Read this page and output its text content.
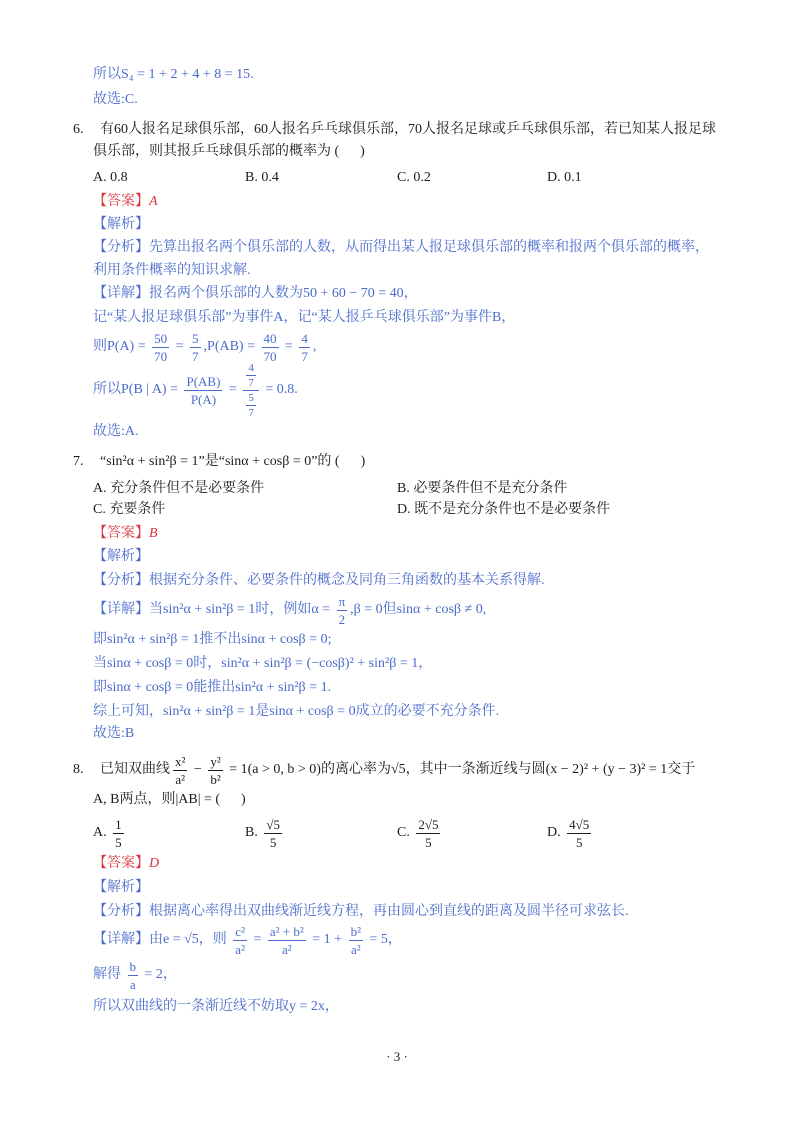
所以S₄ = 1 + 2 + 4 + 8 = 15.
故选:C.
6. 有60人报名足球俱乐部，60人报名乒乓球俱乐部，70人报名足球或乒乓球俱乐部，若已知某人报足球
俱乐部，则其报乒乓球俱乐部的概率为 (      )
A. 0.8	B. 0.4	C. 0.2	D. 0.1
【答案】A
【解析】
【分析】先算出报名两个俱乐部的人数，从而得出某人报足球俱乐部的概率和报两个俱乐部的概率，
利用条件概率的知识求解.
【详解】报名两个俱乐部的人数为50 + 60 − 70 = 40，
记“某人报足球俱乐部”为事件A，记“某人报乒乓球俱乐部”为事件B，
则$P(A) = \frac{50}{70} = \frac{5}{7} ,P(AB) = \frac{40}{70} = \frac{4}{7}$ ,
所以P(B | $A) = \frac{P(AB)}{P(A)} = \frac{\frac{4}{7}}{\frac{5}{7}} = 0.8$.
故选:A.
7. “sin²α + sin²β = 1”是“sinα + cosβ = 0”的 (      )
A. 充分条件但不是必要条件	B. 必要条件但不是充分条件
C. 充要条件	D. 既不是充分条件也不是必要条件
【答案】B
【解析】
【分析】根据充分条件、必要条件的概念及同角三角函数的基本关系得解.
【详解】 当sin²α + sin²β = 1时，例如$\alpha = \frac{\pi}{2} ,\beta = 0$但sinα + cosβ ≠ 0,
即sin²α + sin²β = 1推不出sinα + cosβ = 0;
当sinα + cosβ = 0时，sin²α + sin²β = (−cosβ)² + sin²β = 1，
即sinα + cosβ = 0能推出sin²α + sin²β = 1.
综上可知，sin²α + sin²β = 1是sinα + cosβ = 0成立的必要不充分条件.
故选:B
8. 已知双曲线 $\frac{\text{x²}}{\text{a²}} - \frac{\text{y²}}{\text{b²}} = 1(a > 0$, b > 0)的离心率为√5，其中一条渐近线与圆(x − 2)² + (y − 3)² = 1交于
A, B两点，则|AB| = (      )
A. $\frac{1}{5}$	B. $\frac{√5}{5}$	C. $\frac{2√5}{5}$	D. $\frac{4√5}{5}$
【答案】D
【解析】
【分析】根据离心率得出双曲线渐近线方程，再由圆心到直线的距离及圆半径可求弦长.
【详解】 由e = √5，则 $\frac{\text{c²}}{\text{a²}} = \frac{\text{a² + b²}}{\text{a²}} = 1 + \frac{\text{b²}}{\text{a²}} = 5$，
解得 $\frac{b}{a} = 2$，
所以双曲线的一条渐近线不妨取y = 2x，
· 3 ·
